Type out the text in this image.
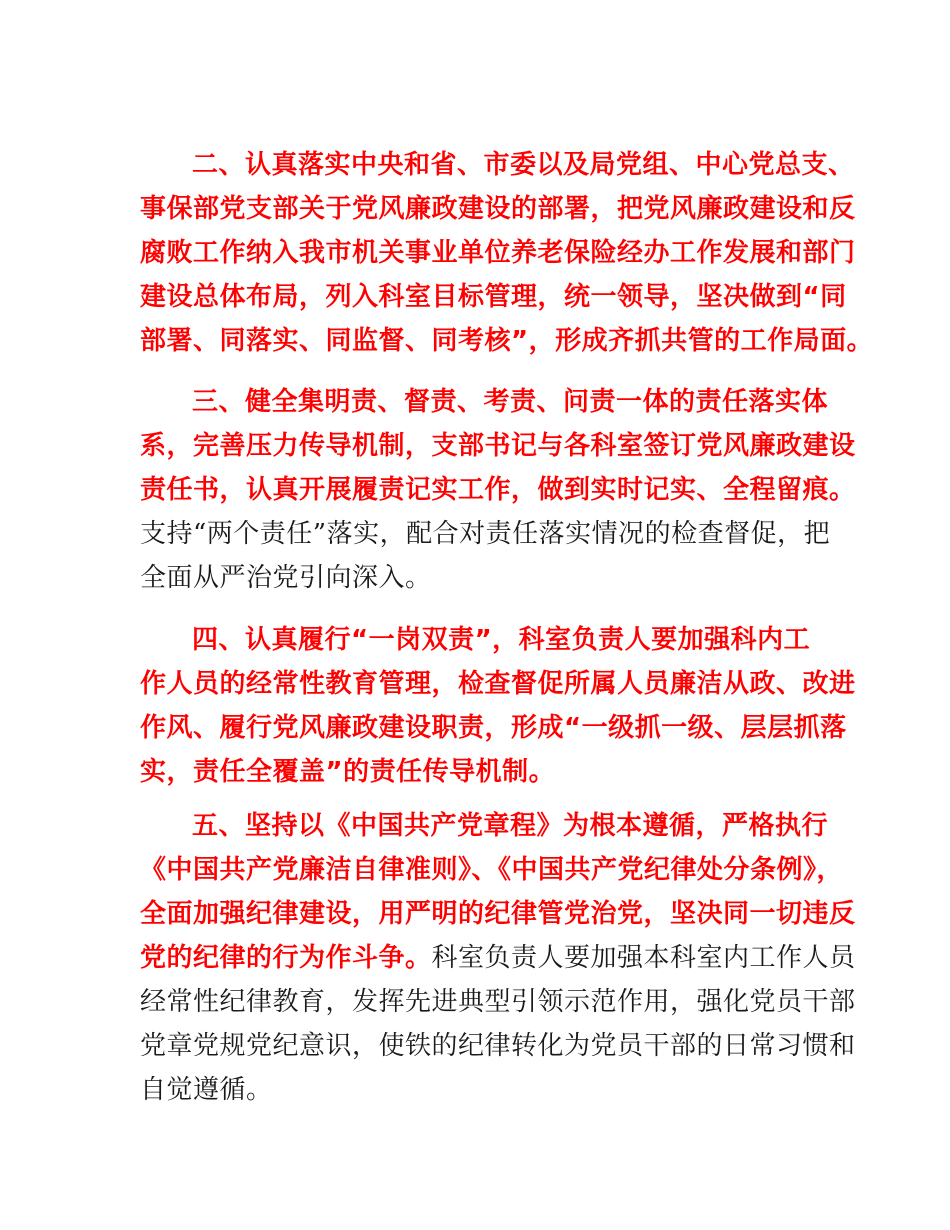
二、认真落实中央和省、市委以及局党组、中心党总支、
事保部党支部关于党风廉政建设的部署，把党风廉政建设和反
腐败工作纳入我市机关事业单位养老保险经办工作发展和部门
建设总体布局，列入科室目标管理，统一领导，坚决做到“同
部署、同落实、同监督、同考核”，形成齐抓共管的工作局面。
三、健全集明责、督责、考责、问责一体的责任落实体
系，完善压力传导机制，支部书记与各科室签订党风廉政建设
责任书，认真开展履责记实工作，做到实时记实、全程留痕。
支持“两个责任”落实，配合对责任落实情况的检查督促，把
全面从严治党引向深入。
四、认真履行“一岗双责”，科室负责人要加强科内工
作人员的经常性教育管理，检查督促所属人员廉洁从政、改进
作风、履行党风廉政建设职责，形成“一级抓一级、层层抓落
实，责任全覆盖”的责任传导机制。
五、坚持以《中国共产党章程》为根本遵循，严格执行
《中国共产党廉洁自律准则》、《中国共产党纪律处分条例》，
全面加强纪律建设，用严明的纪律管党治党，坚决同一切违反
党的纪律的行为作斗争。科室负责人要加强本科室内工作人员
经常性纪律教育，发挥先进典型引领示范作用，强化党员干部
党章党规党纪意识，使铁的纪律转化为党员干部的日常习惯和
自觉遵循。
